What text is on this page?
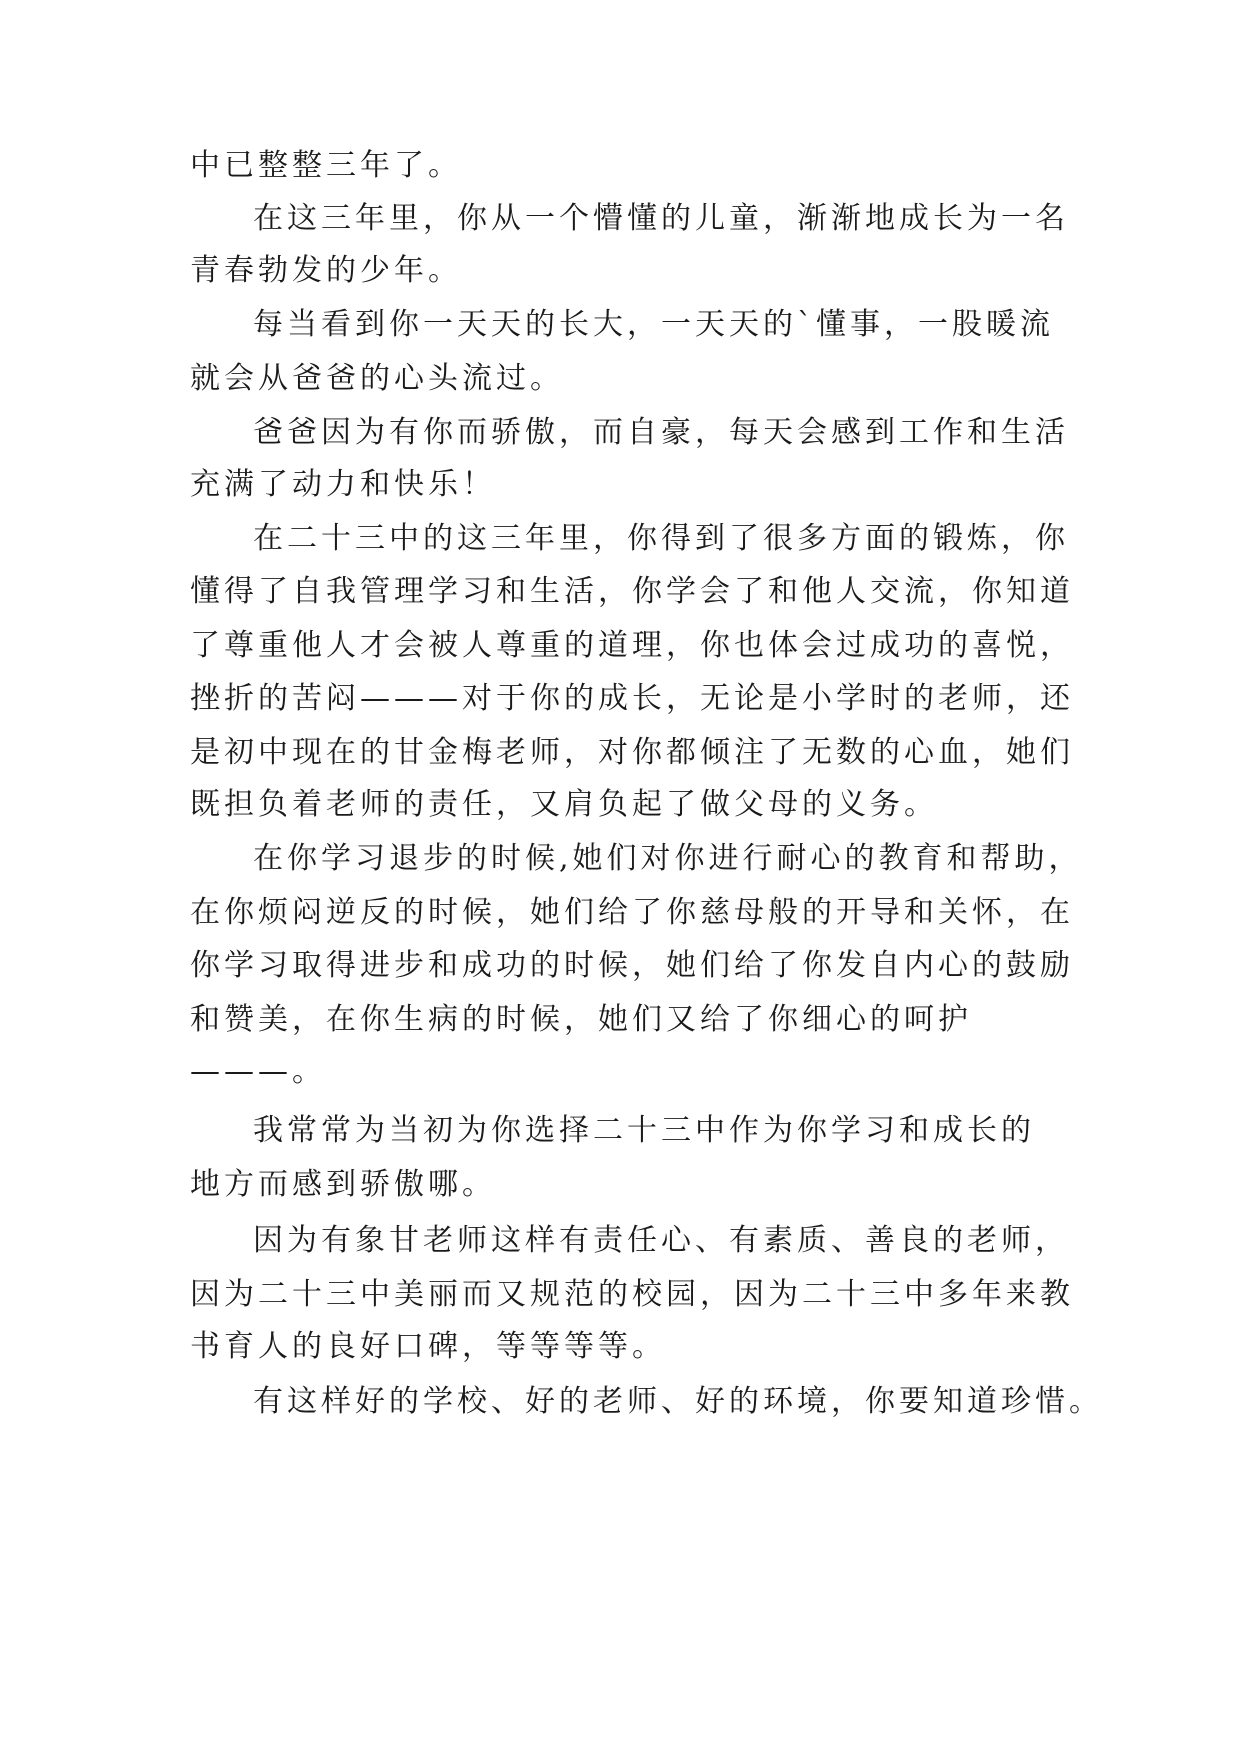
中已整整三年了。
在这三年里，你从一个懵懂的儿童，渐渐地成长为一名
青春勃发的少年。
每当看到你一天天的长大，一天天的`懂事，一股暖流
就会从爸爸的心头流过。
爸爸因为有你而骄傲，而自豪，每天会感到工作和生活
充满了动力和快乐！
在二十三中的这三年里，你得到了很多方面的锻炼，你
懂得了自我管理学习和生活，你学会了和他人交流，你知道
了尊重他人才会被人尊重的道理，你也体会过成功的喜悦，
挫折的苦闷———对于你的成长，无论是小学时的老师，还
是初中现在的甘金梅老师，对你都倾注了无数的心血，她们
既担负着老师的责任，又肩负起了做父母的义务。
在你学习退步的时候,她们对你进行耐心的教育和帮助，
在你烦闷逆反的时候，她们给了你慈母般的开导和关怀，在
你学习取得进步和成功的时候，她们给了你发自内心的鼓励
和赞美，在你生病的时候，她们又给了你细心的呵护
———。
我常常为当初为你选择二十三中作为你学习和成长的
地方而感到骄傲哪。
因为有象甘老师这样有责任心、有素质、善良的老师，
因为二十三中美丽而又规范的校园，因为二十三中多年来教
书育人的良好口碑，等等等等。
有这样好的学校、好的老师、好的环境，你要知道珍惜。
